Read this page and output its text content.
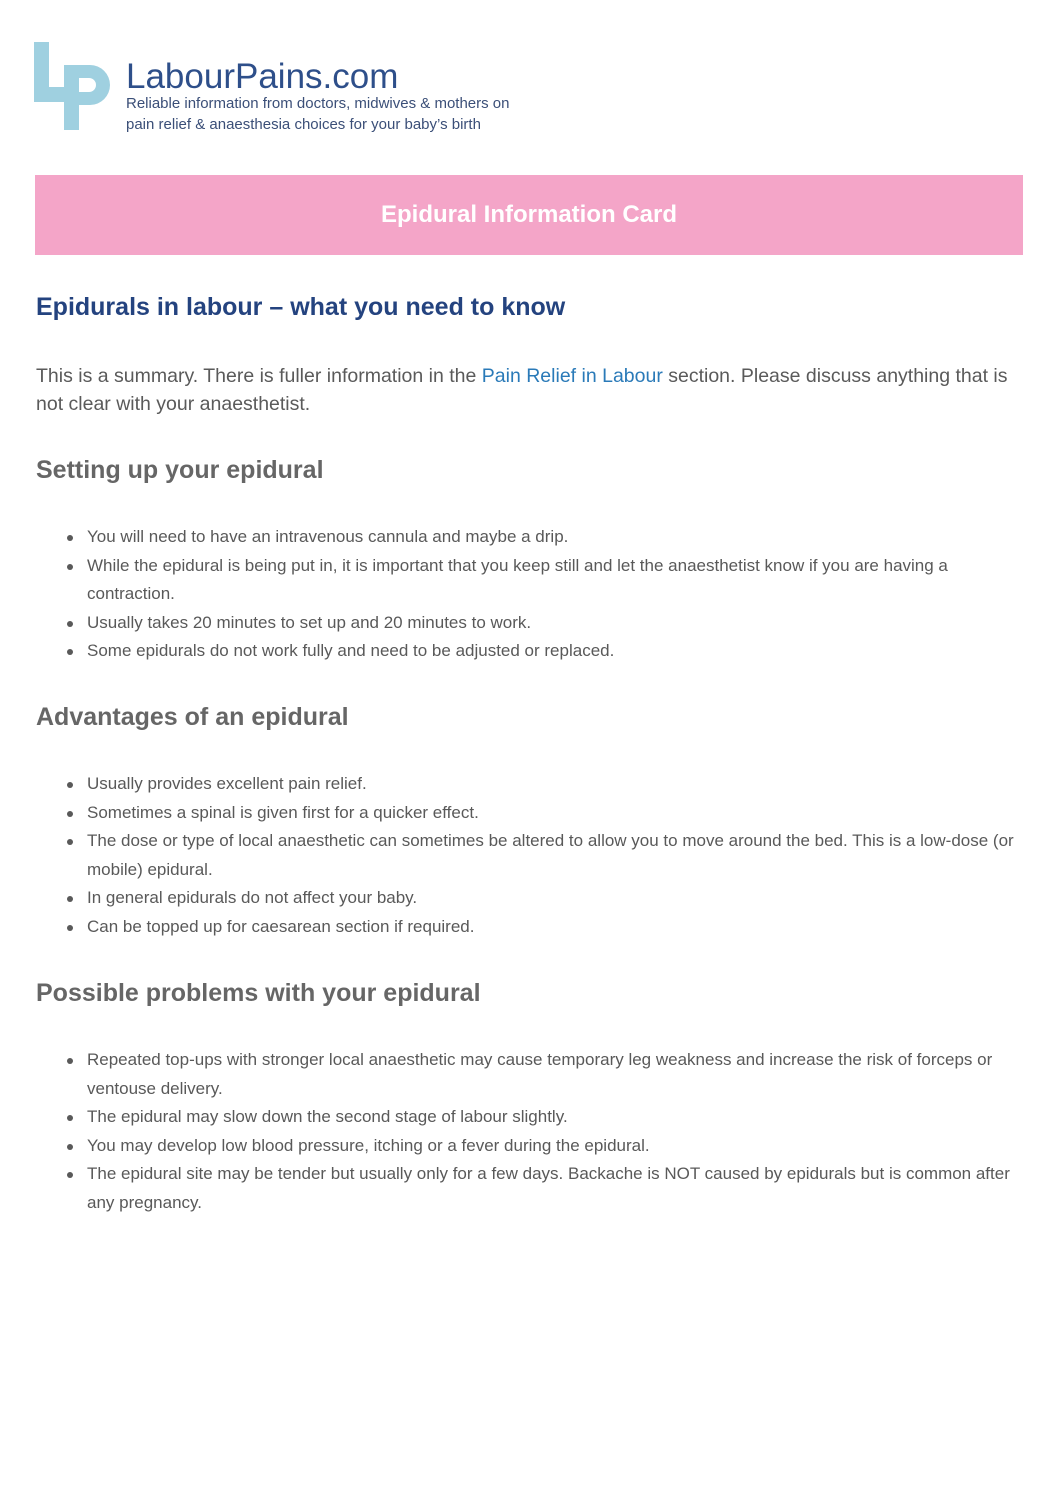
LabourPains.com
Reliable information from doctors, midwives & mothers on
pain relief & anaesthesia choices for your baby’s birth
Epidural Information Card
Epidurals in labour – what you need to know

This is a summary. There is fuller information in the Pain Relief in Labour section. Please discuss anything that is not clear with your anaesthetist.

Setting up your epidural
You will need to have an intravenous cannula and maybe a drip.
While the epidural is being put in, it is important that you keep still and let the anaesthetist know if you are having a contraction.
Usually takes 20 minutes to set up and 20 minutes to work.
Some epidurals do not work fully and need to be adjusted or replaced.
Advantages of an epidural
Usually provides excellent pain relief.
Sometimes a spinal is given first for a quicker effect.
The dose or type of local anaesthetic can sometimes be altered to allow you to move around the bed. This is a low-dose (or mobile) epidural.
In general epidurals do not affect your baby.
Can be topped up for caesarean section if required.
Possible problems with your epidural
Repeated top-ups with stronger local anaesthetic may cause temporary leg weakness and increase the risk of forceps or ventouse delivery.
The epidural may slow down the second stage of labour slightly.
You may develop low blood pressure, itching or a fever during the epidural.
The epidural site may be tender but usually only for a few days. Backache is NOT caused by epidurals but is common after any pregnancy.
